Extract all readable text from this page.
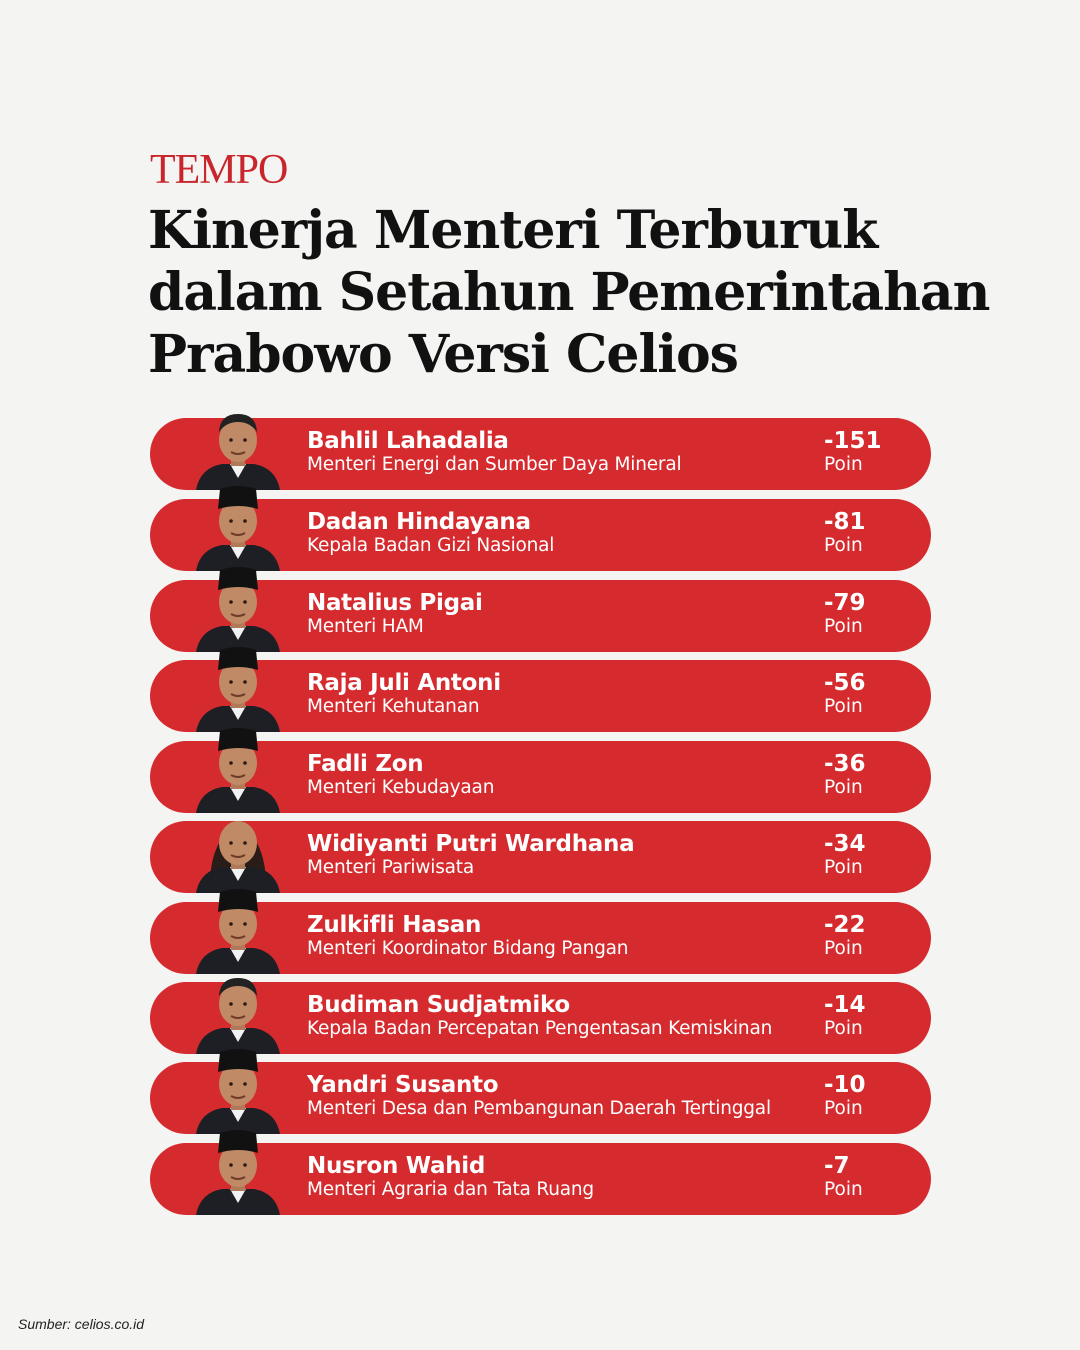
TEMPO
Kinerja Menteri Terburuk
dalam Setahun Pemerintahan
Prabowo Versi Celios
Bahlil Lahadalia
Menteri Energi dan Sumber Daya Mineral
-151
Poin
Dadan Hindayana
Kepala Badan Gizi Nasional
-81
Poin
Natalius Pigai
Menteri HAM
-79
Poin
Raja Juli Antoni
Menteri Kehutanan
-56
Poin
Fadli Zon
Menteri Kebudayaan
-36
Poin
Widiyanti Putri Wardhana
Menteri Pariwisata
-34
Poin
Zulkifli Hasan
Menteri Koordinator Bidang Pangan
-22
Poin
Budiman Sudjatmiko
Kepala Badan Percepatan Pengentasan Kemiskinan
-14
Poin
Yandri Susanto
Menteri Desa dan Pembangunan Daerah Tertinggal
-10
Poin
Nusron Wahid
Menteri Agraria dan Tata Ruang
-7
Poin
Sumber: celios.co.id
